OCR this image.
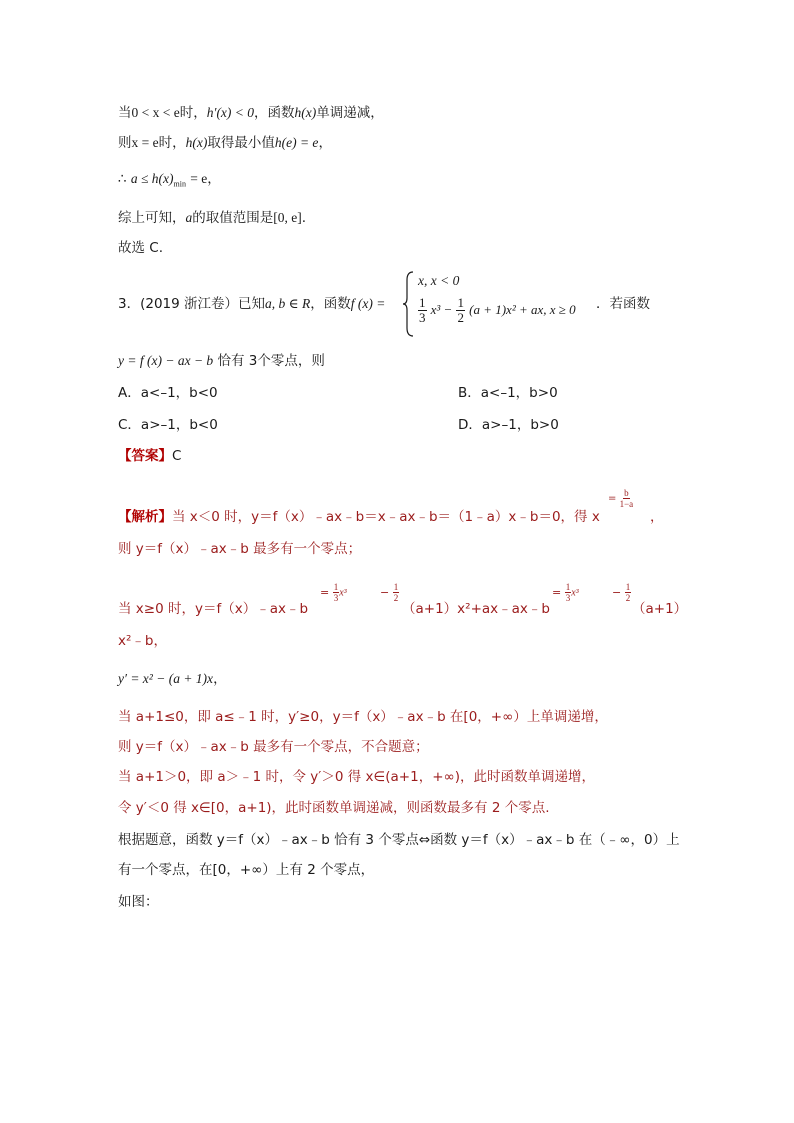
当0 < x < e时，h′(x) < 0，函数h(x)单调递减，
则x = e时，h(x)取得最小值h(e) = e，
∴ $a \le h(x)_{min} = e$，
综上可知，a的取值范围是[0, e].
故选 C.
3．(2019 浙江卷）已知a, b ∈ R，函数f (x) =
x, x < 0
$\frac{1}{3} x^3 - \frac{1}{2} (a + 1)x^2$ + ax, x ≥ 0 ．若函数
y = f (x) − ax − b 恰有 3个零点，则
A．a<–1，b<0	B．a<–1，b>0
C．a>–1，b<0	D．a>–1，b>0
【答案】C
【解析】当 x＜0 时，y＝f（x）﹣ax﹣b＝x﹣ax﹣b＝（1﹣a）x﹣b＝0，得 x
= $\frac{b}{1-a}$
，
则 y＝f（x）﹣ax﹣b 最多有一个零点；
当 x≥0 时，y＝f（x）﹣ax﹣b
= $\frac{1}{3} x^3$	− $\frac{1}{2}$
（a+1）x²+ax﹣ax﹣b
= $\frac{1}{3} x^3$	− $\frac{1}{2}$
（a+1）
x²﹣b，
y′ = x² − (a + 1)x，
当 a+1≤0，即 a≤﹣1 时，y′≥0，y＝f（x）﹣ax﹣b 在[0，+∞）上单调递增，
则 y＝f（x）﹣ax﹣b 最多有一个零点，不合题意；
当 a+1＞0，即 a＞﹣1 时，令 y′＞0 得 x∈(a+1，+∞)，此时函数单调递增，
令 y′＜0 得 x∈[0，a+1)，此时函数单调递减，则函数最多有 2 个零点.
根据题意，函数 y＝f（x）﹣ax﹣b 恰有 3 个零点⇔函数 y＝f（x）﹣ax﹣b 在（﹣∞，0）上
有一个零点，在[0，+∞）上有 2 个零点，
如图：
